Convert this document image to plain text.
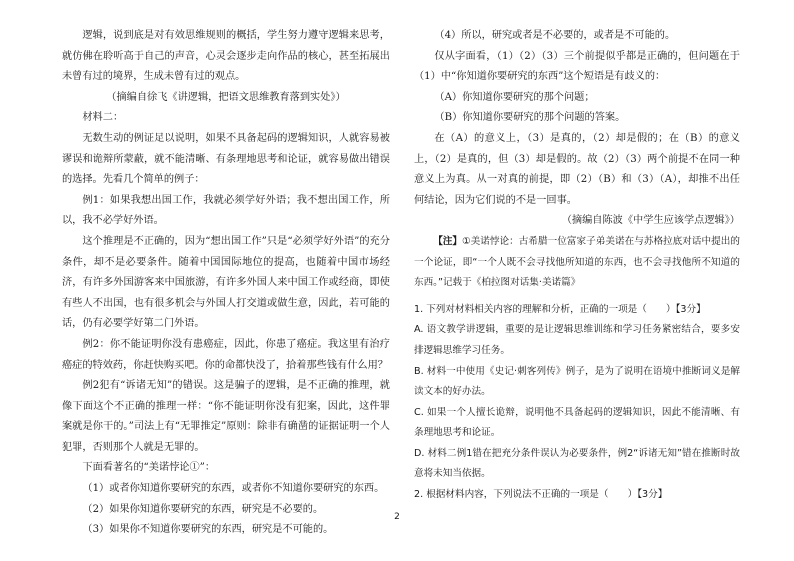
逻辑，说到底是对有效思维规则的概括，学生努力遵守逻辑来思考，就仿佛在聆听高于自己的声音，心灵会逐步走向作品的核心，甚至拓展出未曾有过的境界，生成未曾有过的观点。

（摘编自徐飞《讲逻辑，把语文思维教育落到实处》）

材料二：

无数生动的例证足以说明，如果不具备起码的逻辑知识，人就容易被谬误和诡辩所蒙蔽，就不能清晰、有条理地思考和论证，就容易做出错误的选择。先看几个简单的例子：

例1：如果我想出国工作，我就必须学好外语；我不想出国工作，所以，我不必学好外语。

这个推理是不正确的，因为“想出国工作”只是“必须学好外语”的充分条件，却不是必要条件。随着中国国际地位的提高，也随着中国市场经济，有许多外国游客来中国旅游，有许多外国人来中国工作或经商，即使有些人不出国，也有很多机会与外国人打交道或做生意，因此，若可能的话，仍有必要学好第二门外语。

例2：你不能证明你没有患癌症，因此，你患了癌症。我这里有治疗癌症的特效药，你赶快购买吧。你的命都快没了，拾着那些钱有什么用？

例2犯有“诉诸无知”的错误。这是骗子的逻辑，是不正确的推理，就像下面这个不正确的推理一样：“你不能证明你没有犯案，因此，这件罪案就是你干的。”司法上有“无罪推定”原则：除非有确凿的证据证明一个人犯罪，否则那个人就是无罪的。

下面看著名的“美诺悖论①”：

（1）或者你知道你要研究的东西，或者你不知道你要研究的东西。

（2）如果你知道你要研究的东西，研究是不必要的。

（3）如果你不知道你要研究的东西，研究是不可能的。

（4）所以，研究或者是不必要的，或者是不可能的。

仅从字面看，（1）（2）（3）三个前提似乎都是正确的，但问题在于（1）中“你知道你要研究的东西”这个短语是有歧义的：

（A）你知道你要研究的那个问题；

（B）你知道你要研究的那个问题的答案。

在（A）的意义上，（3）是真的，（2）却是假的；在（B）的意义上，（2）是真的，但（3）却是假的。故（2）（3）两个前提不在同一种意义上为真。从一对真的前提，即（2）（B）和（3）（A），却推不出任何结论，因为它们说的不是一回事。

（摘编自陈波《中学生应该学点逻辑》）

【注】①美诺悖论：古希腊一位富家子弟美诺在与苏格拉底对话中提出的一个论证，即“一个人既不会寻找他所知道的东西，也不会寻找他所不知道的东西。”记载于《柏拉图对话集·美诺篇》

1. 下列对材料相关内容的理解和分析，正确的一项是（　　）【3分】

A. 语文教学讲逻辑，重要的是让逻辑思维训练和学习任务紧密结合，要多安排逻辑思维学习任务。

B. 材料一中使用《史记·刺客列传》例子，是为了说明在语境中推断词义是解读文本的好办法。

C. 如果一个人擅长诡辩，说明他不具备起码的逻辑知识，因此不能清晰、有条理地思考和论证。

D. 材料二例1错在把充分条件误认为必要条件，例2“诉诸无知”错在推断时故意将未知当依据。

2. 根据材料内容，下列说法不正确的一项是（　　）【3分】

2
